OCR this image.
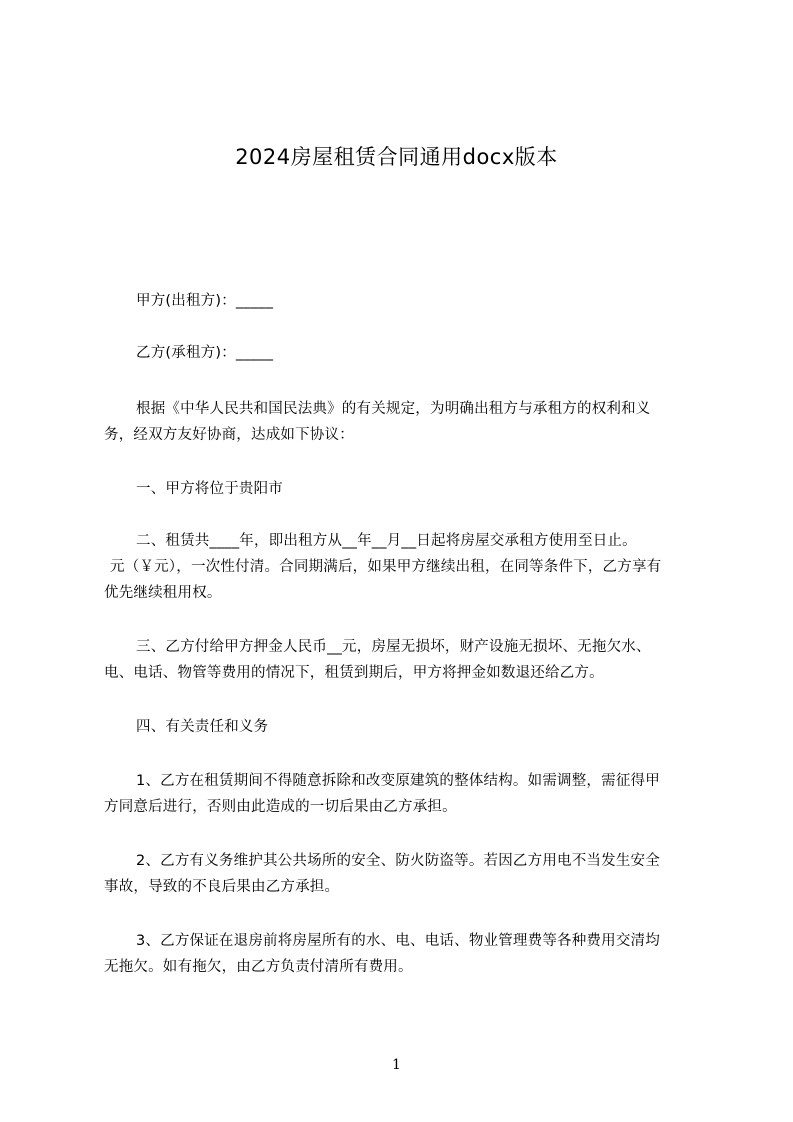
2024房屋租赁合同通用docx版本
甲方(出租方)：_____
乙方(承租方)：_____
根据《中华人民共和国民法典》的有关规定，为明确出租方与承租方的权利和义
务，经双方友好协商，达成如下协议：
一、甲方将位于贵阳市
二、租赁共____年，即出租方从__年__月__日起将房屋交承租方使用至日止。
元（￥元），一次性付清。合同期满后，如果甲方继续出租，在同等条件下，乙方享有
优先继续租用权。
三、乙方付给甲方押金人民币__元，房屋无损坏，财产设施无损坏、无拖欠水、
电、电话、物管等费用的情况下，租赁到期后，甲方将押金如数退还给乙方。
四、有关责任和义务
1、乙方在租赁期间不得随意拆除和改变原建筑的整体结构。如需调整，需征得甲
方同意后进行，否则由此造成的一切后果由乙方承担。
2、乙方有义务维护其公共场所的安全、防火防盗等。若因乙方用电不当发生安全
事故，导致的不良后果由乙方承担。
3、乙方保证在退房前将房屋所有的水、电、电话、物业管理费等各种费用交清均
无拖欠。如有拖欠，由乙方负责付清所有费用。
1
